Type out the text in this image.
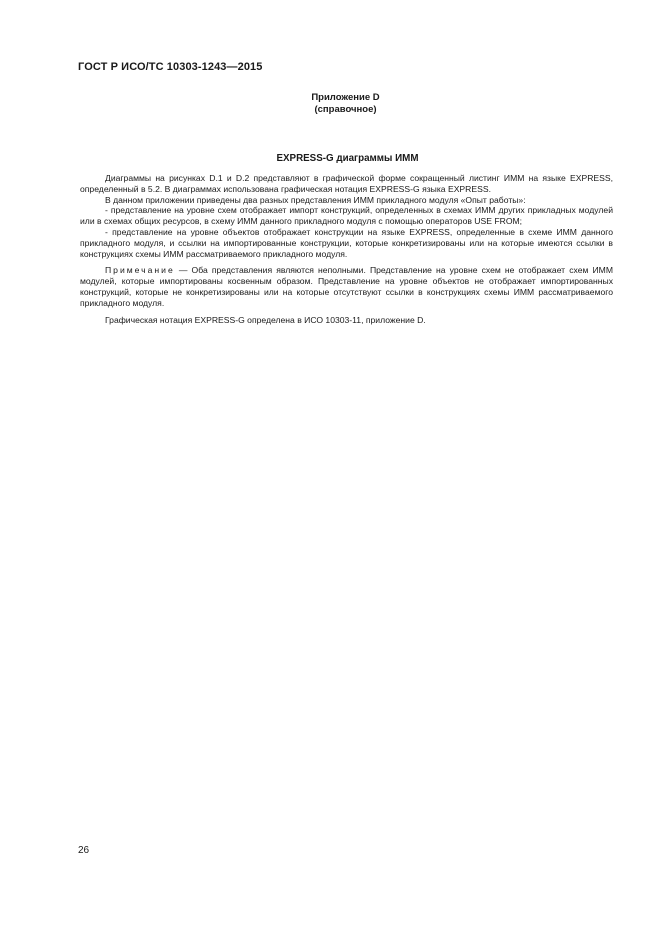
ГОСТ Р ИСО/ТС 10303-1243—2015
Приложение D
(справочное)
EXPRESS-G диаграммы ИММ

Диаграммы на рисунках D.1 и D.2 представляют в графической форме сокращенный листинг ИММ на языке EXPRESS, определенный в 5.2. В диаграммах использована графическая нотация EXPRESS-G языка EXPRESS.

В данном приложении приведены два разных представления ИММ прикладного модуля «Опыт работы»:

- представление на уровне схем отображает импорт конструкций, определенных в схемах ИММ других прикладных модулей или в схемах общих ресурсов, в схему ИММ данного прикладного модуля с помощью операторов USE FROM;

- представление на уровне объектов отображает конструкции на языке EXPRESS, определенные в схеме ИММ данного прикладного модуля, и ссылки на импортированные конструкции, которые конкретизированы или на которые имеются ссылки в конструкциях схемы ИММ рассматриваемого прикладного модуля.

Примечание — Оба представления являются неполными. Представление на уровне схем не отображает схем ИММ модулей, которые импортированы косвенным образом. Представление на уровне объектов не отображает импортированных конструкций, которые не конкретизированы или на которые отсутствуют ссылки в конструкциях схемы ИММ рассматриваемого прикладного модуля.

Графическая нотация EXPRESS-G определена в ИСО 10303-11, приложение D.

26
